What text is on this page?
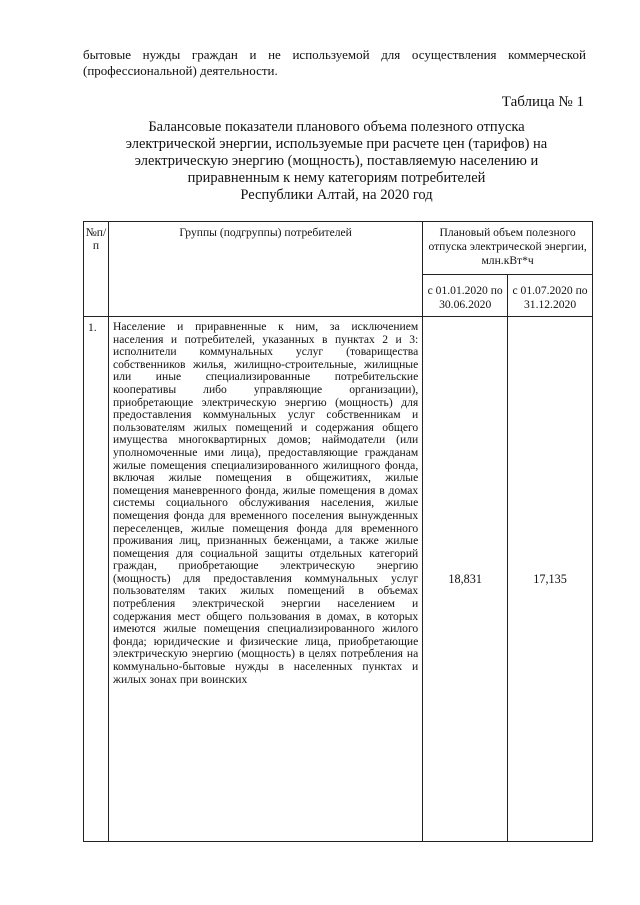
бытовые нужды граждан и не используемой для осуществления коммерческой (профессиональной) деятельности.
Таблица № 1
Балансовые показатели планового объема полезного отпуска
электрической энергии, используемые при расчете цен (тарифов) на
электрическую энергию (мощность), поставляемую населению и
приравненным к нему категориям потребителей
Республики Алтай, на 2020 год
№п/ п	Группы (подгруппы) потребителей	Плановый объем полезного отпуска электрической энергии, млн.кВт*ч	
		с 01.01.2020 по 30.06.2020	с 01.07.2020 по 31.12.2020
1.	Население и приравненные к ним, за исключением населения и потребителей, указанных в пунктах 2 и 3: исполнители коммунальных услуг (товарищества собственников жилья, жилищно-строительные, жилищные или иные специализированные потребительские кооперативы либо управляющие организации), приобретающие электрическую энергию (мощность) для предоставления коммунальных услуг собственникам и пользователям жилых помещений и содержания общего имущества многоквартирных домов; наймодатели (или уполномоченные ими лица), предоставляющие гражданам жилые помещения специализированного жилищного фонда, включая жилые помещения в общежитиях, жилые помещения маневренного фонда, жилые помещения в домах системы социального обслуживания населения, жилые помещения фонда для временного поселения вынужденных переселенцев, жилые помещения фонда для временного проживания лиц, признанных беженцами, а также жилые помещения для социальной защиты отдельных категорий граждан, приобретающие электрическую энергию (мощность) для предоставления коммунальных услуг пользователям таких жилых помещений в объемах потребления электрической энергии населением и содержания мест общего пользования в домах, в которых имеются жилые помещения специализированного жилого фонда; юридические и физические лица, приобретающие электрическую энергию (мощность) в целях потребления на коммунально-бытовые нужды в населенных пунктах и жилых зонах при воинских	18,831	17,135
